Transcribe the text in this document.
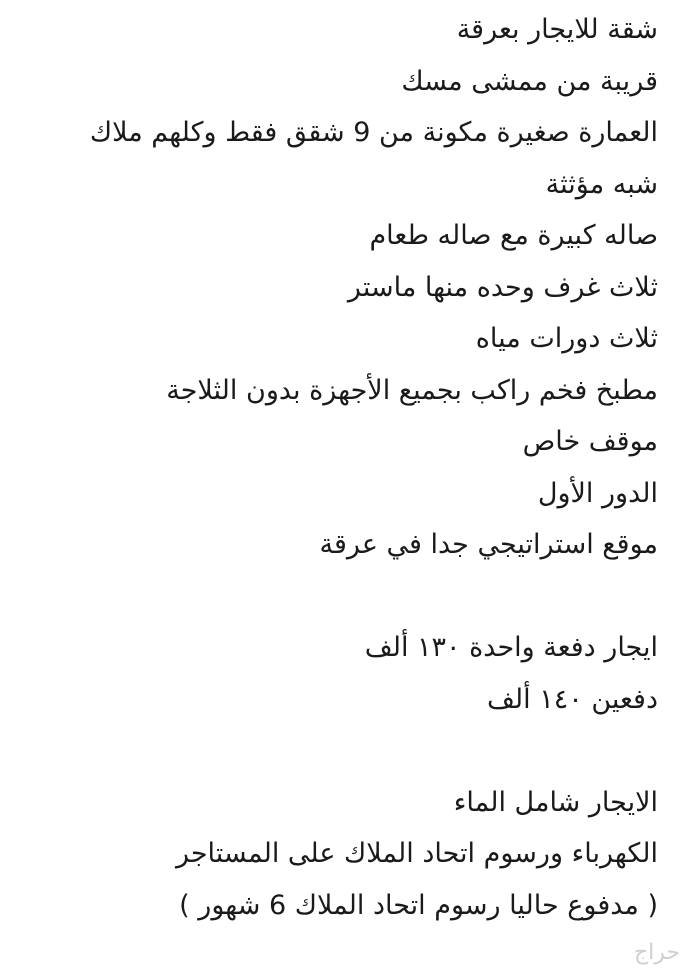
شقة للايجار بعرقة
قريبة من ممشى مسك
العمارة صغيرة مكونة من 9 شقق فقط وكلهم ملاك
شبه مؤثثة
صاله كبيرة مع صاله طعام
ثلاث غرف وحده منها ماستر
ثلاث دورات مياه
مطبخ فخم راكب بجميع الأجهزة بدون الثلاجة
موقف خاص
الدور الأول
موقع استراتيجي جدا في عرقة
ايجار دفعة واحدة ١٣٠ ألف
دفعين ١٤٠ ألف
الايجار شامل الماء
الكهرباء ورسوم اتحاد الملاك على المستاجر
( مدفوع حاليا رسوم اتحاد الملاك 6 شهور )
حراج
